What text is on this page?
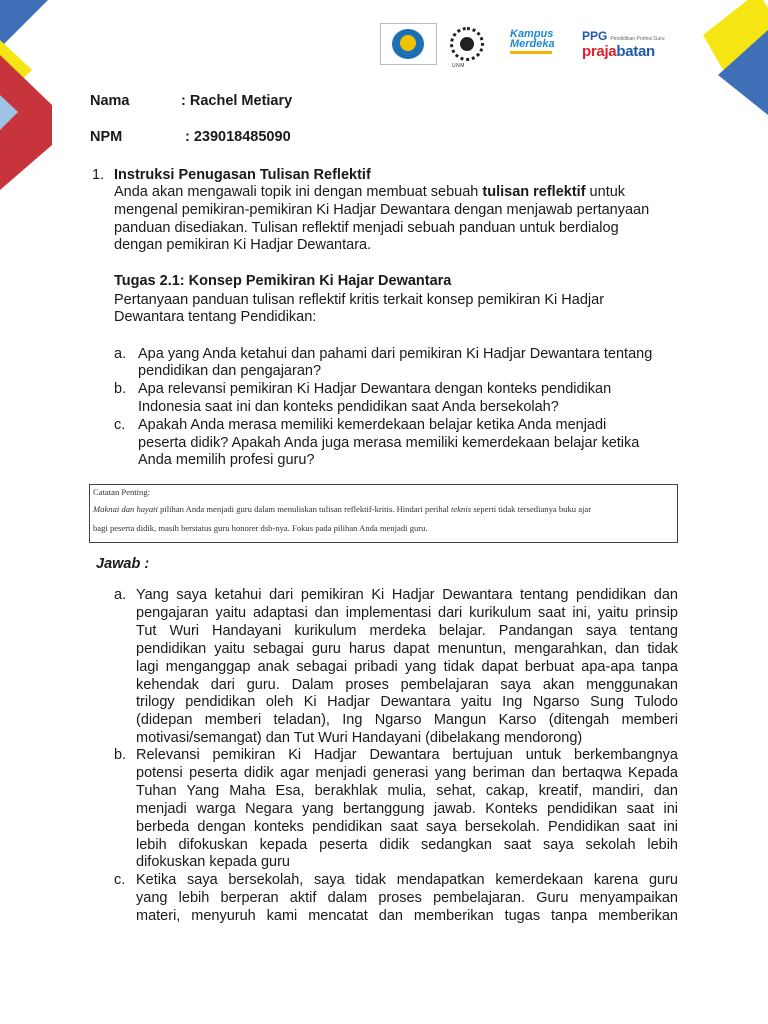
UNM
Kampus
Merdeka
PPG Pendidikan Profesi Guru
prajabatan
Nama	: Rachel Metiary
NPM	: 239018485090
1. Instruksi Penugasan Tulisan Reflektif
Anda akan mengawali topik ini dengan membuat sebuah tulisan reflektif untuk
mengenal pemikiran-pemikiran Ki Hadjar Dewantara dengan menjawab pertanyaan
panduan disediakan. Tulisan reflektif menjadi sebuah panduan untuk berdialog
dengan pemikiran Ki Hadjar Dewantara.
Tugas 2.1: Konsep Pemikiran Ki Hajar Dewantara
Pertanyaan panduan tulisan reflektif kritis terkait konsep pemikiran Ki Hadjar
Dewantara tentang Pendidikan:
a. Apa yang Anda ketahui dan pahami dari pemikiran Ki Hadjar Dewantara tentang
pendidikan dan pengajaran?
b. Apa relevansi pemikiran Ki Hadjar Dewantara dengan konteks pendidikan
Indonesia saat ini dan konteks pendidikan saat Anda bersekolah?
c. Apakah Anda merasa memiliki kemerdekaan belajar ketika Anda menjadi
peserta didik? Apakah Anda juga merasa memiliki kemerdekaan belajar ketika
Anda memilih profesi guru?
Catatan Penting:
Maknai dan hayati pilihan Anda menjadi guru dalam menuliskan tulisan reflektif-kritis. Hindari perihal teknis seperti tidak tersedianya buku ajar
bagi peserta didik, masih berstatus guru honorer dsb-nya. Fokus pada pilihan Anda menjadi guru.
Jawab :
a. Yang saya ketahui dari pemikiran Ki Hadjar Dewantara tentang pendidikan dan
pengajaran yaitu adaptasi dan implementasi dari kurikulum saat ini, yaitu prinsip
Tut Wuri Handayani kurikulum merdeka belajar. Pandangan saya tentang
pendidikan yaitu sebagai guru harus dapat menuntun, mengarahkan, dan tidak
lagi menganggap anak sebagai pribadi yang tidak dapat berbuat apa-apa tanpa
kehendak dari guru. Dalam proses pembelajaran saya akan menggunakan
trilogy pendidikan oleh Ki Hadjar Dewantara yaitu Ing Ngarso Sung Tulodo
(didepan memberi teladan), Ing Ngarso Mangun Karso (ditengah memberi
motivasi/semangat) dan Tut Wuri Handayani (dibelakang mendorong)
b. Relevansi pemikiran Ki Hadjar Dewantara bertujuan untuk berkembangnya
potensi peserta didik agar menjadi generasi yang beriman dan bertaqwa Kepada
Tuhan Yang Maha Esa, berakhlak mulia, sehat, cakap, kreatif, mandiri, dan
menjadi warga Negara yang bertanggung jawab. Konteks pendidikan saat ini
berbeda dengan konteks pendidikan saat saya bersekolah. Pendidikan saat ini
lebih difokuskan kepada peserta didik sedangkan saat saya sekolah lebih
difokuskan kepada guru
c. Ketika saya bersekolah, saya tidak mendapatkan kemerdekaan karena guru
yang lebih berperan aktif dalam proses pembelajaran. Guru menyampaikan
materi, menyuruh kami mencatat dan memberikan tugas tanpa memberikan
